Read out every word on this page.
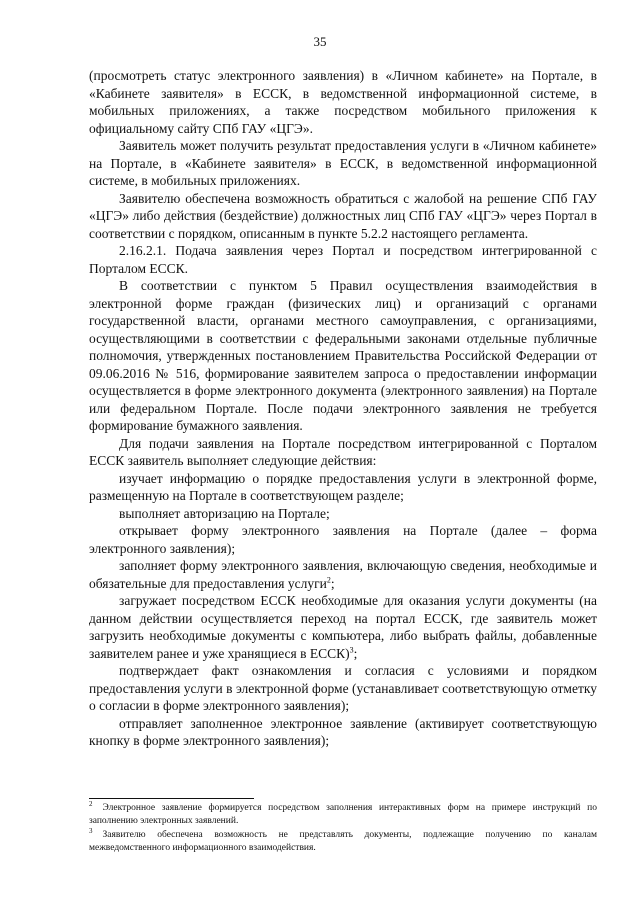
35

(просмотреть статус электронного заявления) в «Личном кабинете» на Портале, в «Кабинете заявителя» в ЕССК, в ведомственной информационной системе, в мобильных приложениях, а также посредством мобильного приложения к официальному сайту СПб ГАУ «ЦГЭ».

Заявитель может получить результат предоставления услуги в «Личном кабинете» на Портале, в «Кабинете заявителя» в ЕССК, в ведомственной информационной системе, в мобильных приложениях.

Заявителю обеспечена возможность обратиться с жалобой на решение СПб ГАУ «ЦГЭ» либо действия (бездействие) должностных лиц СПб ГАУ «ЦГЭ» через Портал в соответствии с порядком, описанным в пункте 5.2.2 настоящего регламента.

2.16.2.1. Подача заявления через Портал и посредством интегрированной с Порталом ЕССК.

В соответствии с пунктом 5 Правил осуществления взаимодействия в электронной форме граждан (физических лиц) и организаций с органами государственной власти, органами местного самоуправления, с организациями, осуществляющими в соответствии с федеральными законами отдельные публичные полномочия, утвержденных постановлением Правительства Российской Федерации от 09.06.2016 № 516, формирование заявителем запроса о предоставлении информации осуществляется в форме электронного документа (электронного заявления) на Портале или федеральном Портале. После подачи электронного заявления не требуется формирование бумажного заявления.

Для подачи заявления на Портале посредством интегрированной с Порталом ЕССК заявитель выполняет следующие действия:

изучает информацию о порядке предоставления услуги в электронной форме, размещенную на Портале в соответствующем разделе;

выполняет авторизацию на Портале;

открывает форму электронного заявления на Портале (далее – форма электронного заявления);

заполняет форму электронного заявления, включающую сведения, необходимые и обязательные для предоставления услуги$^2$;

загружает посредством ЕССК необходимые для оказания услуги документы (на данном действии осуществляется переход на портал ЕССК, где заявитель может загрузить необходимые документы с компьютера, либо выбрать файлы, добавленные заявителем ранее и уже хранящиеся в ЕССК)$^3$;

подтверждает факт ознакомления и согласия с условиями и порядком предоставления услуги в электронной форме (устанавливает соответствующую отметку о согласии в форме электронного заявления);

отправляет заполненное электронное заявление (активирует соответствующую кнопку в форме электронного заявления);

$^2$ Электронное заявление формируется посредством заполнения интерактивных форм на примере инструкций по заполнению электронных заявлений.

$^3$ Заявителю обеспечена возможность не представлять документы, подлежащие получению по каналам межведомственного информационного взаимодействия.
